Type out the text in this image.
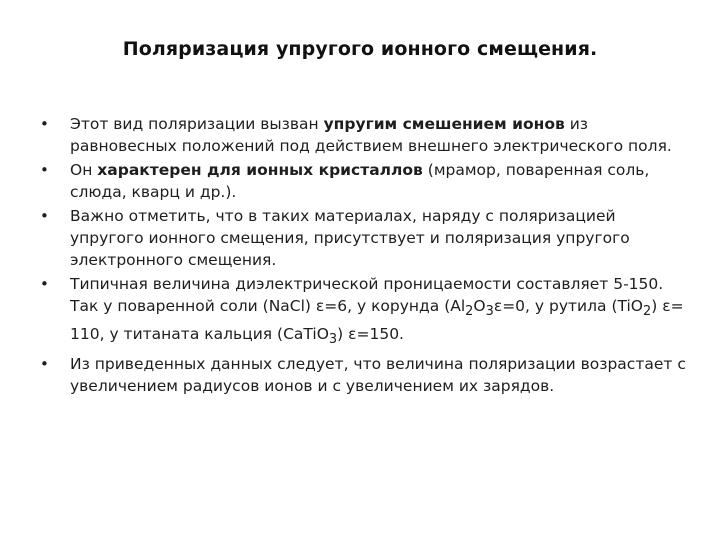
Поляризация упругого ионного смещения.
•	Этот вид поляризации вызван упругим смешением ионов из равновесных положений под действием внешнего электрического поля.
•	Он характерен для ионных кристаллов (мрамор, поваренная соль, слюда, кварц и др.).
•	Важно отметить, что в таких материалах, наряду с поляризацией упругого ионного смещения, присутствует и поляризация упругого электронного смещения.
•	Типичная величина диэлектрической проницаемости составляет 5-150. Так у поваренной соли (NaCl) ε=6, у корунда ($Al_2O_3\varepsilon=0$, у рутила (TiO$_2$) ε= 110, у титаната кальция (CaTiO$_3$) ε=150.
•	Из приведенных данных следует, что величина поляризации возрастает с увеличением радиусов ионов и с увеличением их зарядов.
